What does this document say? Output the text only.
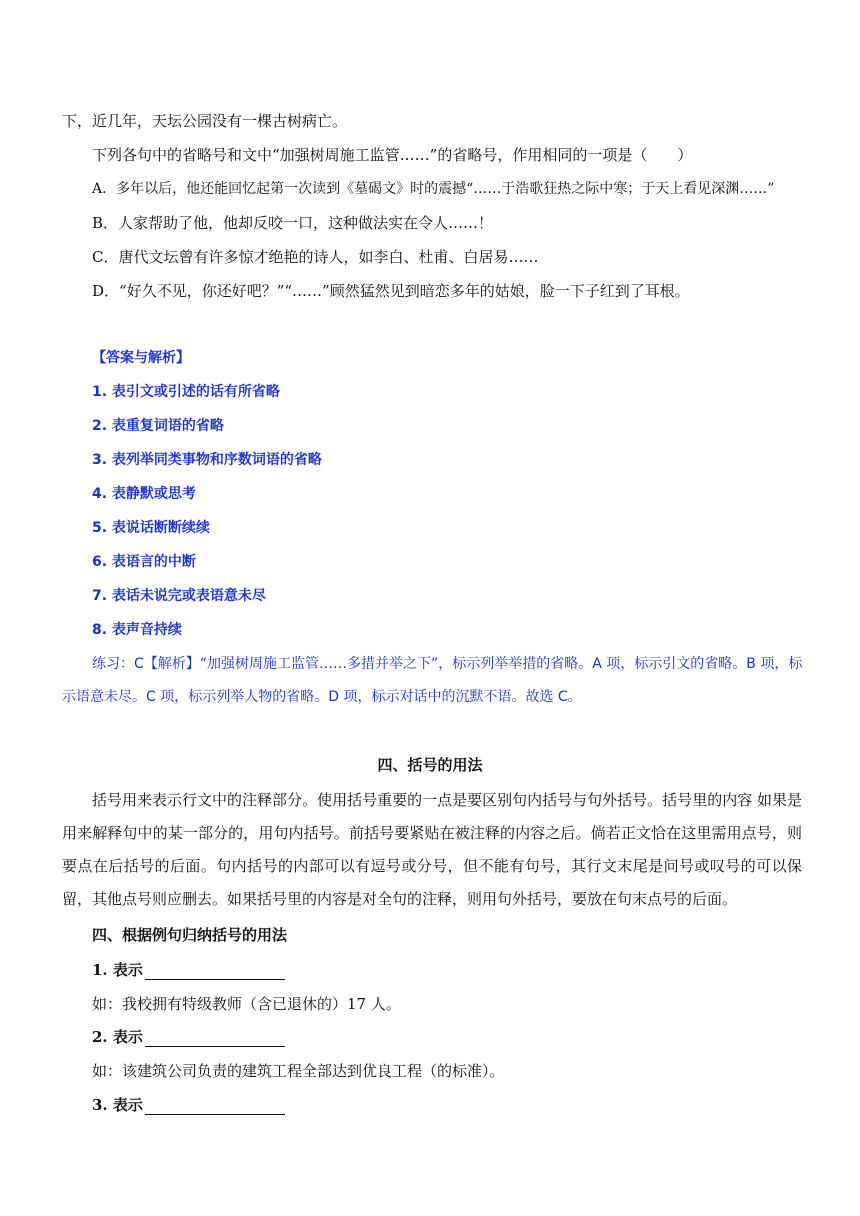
下，近几年，天坛公园没有一棵古树病亡。
下列各句中的省略号和文中“加强树周施工监管……”的省略号，作用相同的一项是（　　）
A．多年以后，他还能回忆起第一次读到《墓碣文》时的震撼“……于浩歌狂热之际中寒；于天上看见深渊……”
B．人家帮助了他，他却反咬一口，这种做法实在令人……！
C．唐代文坛曾有许多惊才绝艳的诗人，如李白、杜甫、白居易……
D．“好久不见，你还好吧？”“……”顾然猛然见到暗恋多年的姑娘，脸一下子红到了耳根。
【答案与解析】
1. 表引文或引述的话有所省略
2. 表重复词语的省略
3. 表列举同类事物和序数词语的省略
4. 表静默或思考
5. 表说话断断续续
6. 表语言的中断
7. 表话未说完或表语意未尽
8. 表声音持续
练习：C【解析】“加强树周施工监管……多措并举之下”，标示列举举措的省略。A 项，标示引文的省略。B 项，标示语意未尽。C 项，标示列举人物的省略。D 项，标示对话中的沉默不语。故选 C。
四、括号的用法
括号用来表示行文中的注释部分。使用括号重要的一点是要区别句内括号与句外括号。括号里的内容 如果是用来解释句中的某一部分的，用句内括号。前括号要紧贴在被注释的内容之后。倘若正文恰在这里需用点号，则要点在后括号的后面。句内括号的内部可以有逗号或分号，但不能有句号，其行文末尾是问号或叹号的可以保留，其他点号则应删去。如果括号里的内容是对全句的注释，则用句外括号，要放在句末点号的后面。
四、根据例句归纳括号的用法
1. 表示
如：我校拥有特级教师（含已退休的）17 人。
2. 表示
如：该建筑公司负责的建筑工程全部达到优良工程（的标准）。
3. 表示
